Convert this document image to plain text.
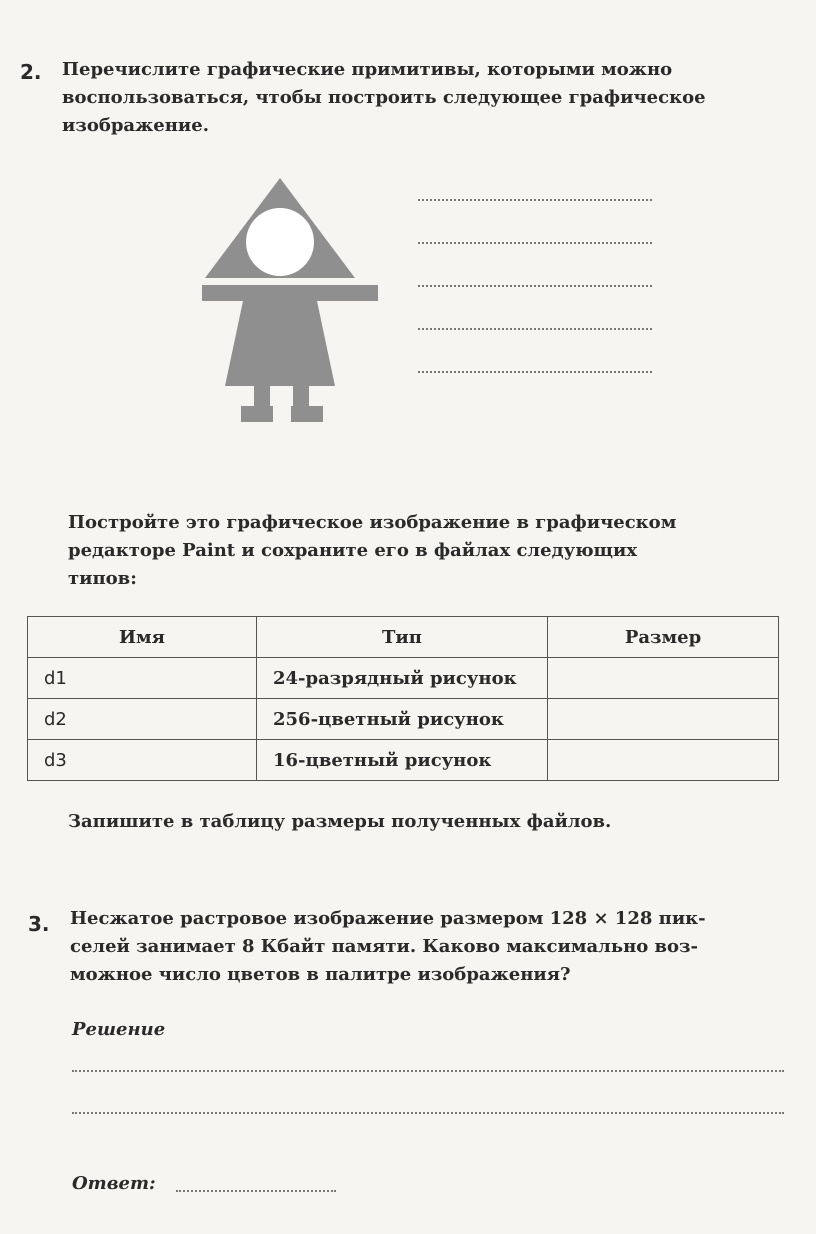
2. Перечислите графические примитивы, которыми можно
воспользоваться, чтобы построить следующее графическое
изображение.
Постройте это графическое изображение в графическом
редакторе Paint и сохраните его в файлах следующих
типов:
Имя	Тип	Размер
d1	24-разрядный рисунок	
d2	256-цветный рисунок	
d3	16-цветный рисунок	
Запишите в таблицу размеры полученных файлов.
3. Несжатое растровое изображение размером 128 × 128 пик-
селей занимает 8 Кбайт памяти. Каково максимально воз-
можное число цветов в палитре изображения?
Решение
Ответ:
